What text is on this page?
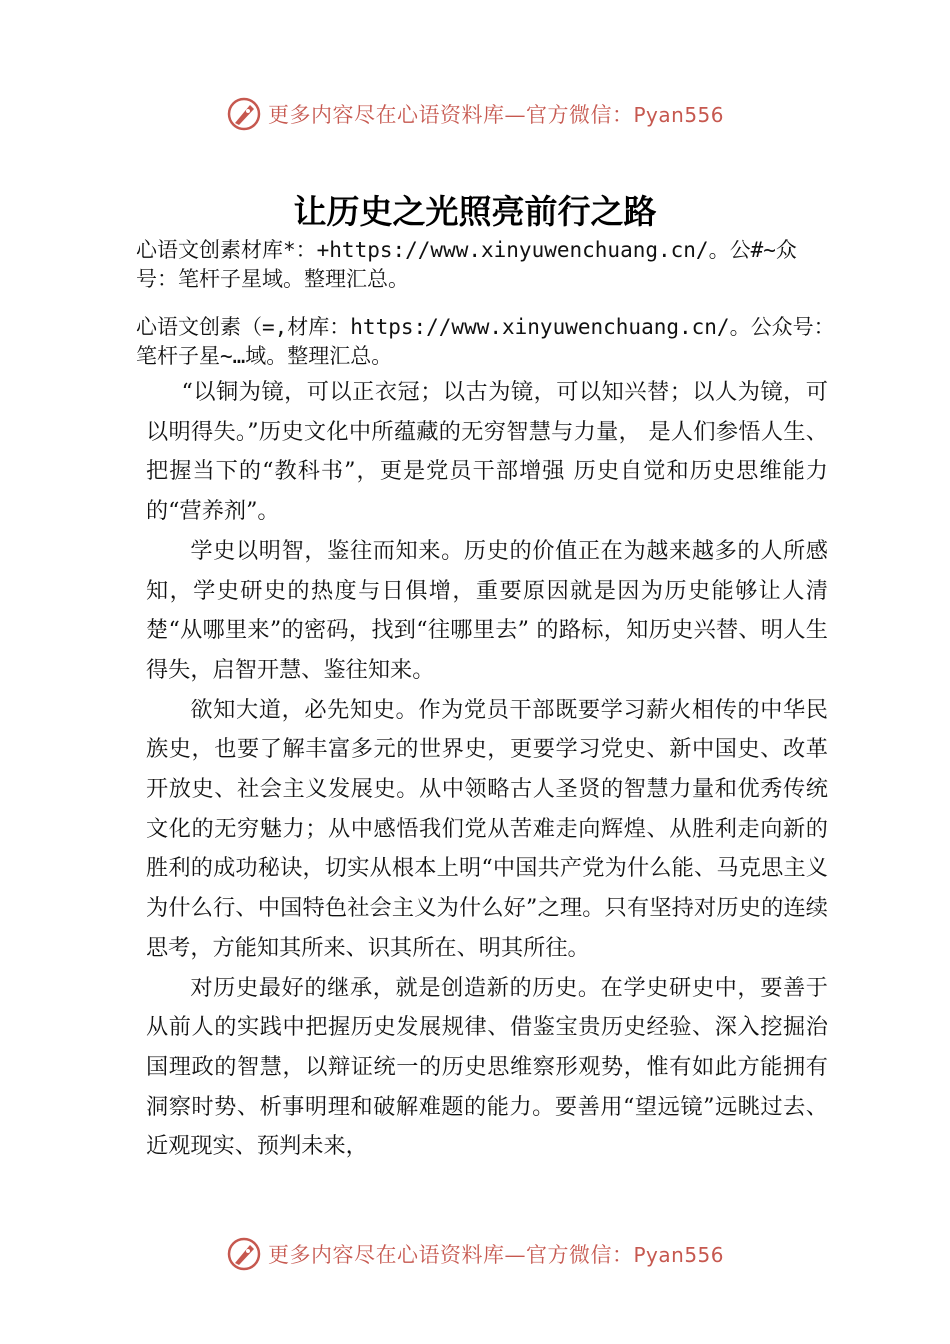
更多内容尽在心语资料库—官方微信：Pyan556
让历史之光照亮前行之路
心语文创素材库*：+https://www.xinyuwenchuang.cn/。公#~众号：笔杆子星域。整理汇总。
心语文创素（=,材库：https://www.xinyuwenchuang.cn/。公众号：笔杆子星~…域。整理汇总。

“以铜为镜，可以正衣冠；以古为镜，可以知兴替；以人为镜，可以明得失。”历史文化中所蕴藏的无穷智慧与力量， 是人们参悟人生、把握当下的“教科书”，更是党员干部增强 历史自觉和历史思维能力的“营养剂”。

学史以明智，鉴往而知来。历史的价值正在为越来越多的人所感知，学史研史的热度与日俱增，重要原因就是因为历史能够让人清楚“从哪里来”的密码，找到“往哪里去” 的路标，知历史兴替、明人生得失，启智开慧、鉴往知来。

欲知大道，必先知史。作为党员干部既要学习薪火相传的中华民族史，也要了解丰富多元的世界史，更要学习党史、新中国史、改革开放史、社会主义发展史。从中领略古人圣贤的智慧力量和优秀传统文化的无穷魅力；从中感悟我们党从苦难走向辉煌、从胜利走向新的胜利的成功秘诀，切实从根本上明“中国共产党为什么能、马克思主义为什么行、中国特色社会主义为什么好”之理。只有坚持对历史的连续思考，方能知其所来、识其所在、明其所往。

对历史最好的继承，就是创造新的历史。在学史研史中，要善于从前人的实践中把握历史发展规律、借鉴宝贵历史经验、深入挖掘治国理政的智慧，以辩证统一的历史思维察形观势，惟有如此方能拥有洞察时势、析事明理和破解难题的能力。要善用“望远镜”远眺过去、近观现实、预判未来，

更多内容尽在心语资料库—官方微信：Pyan556
